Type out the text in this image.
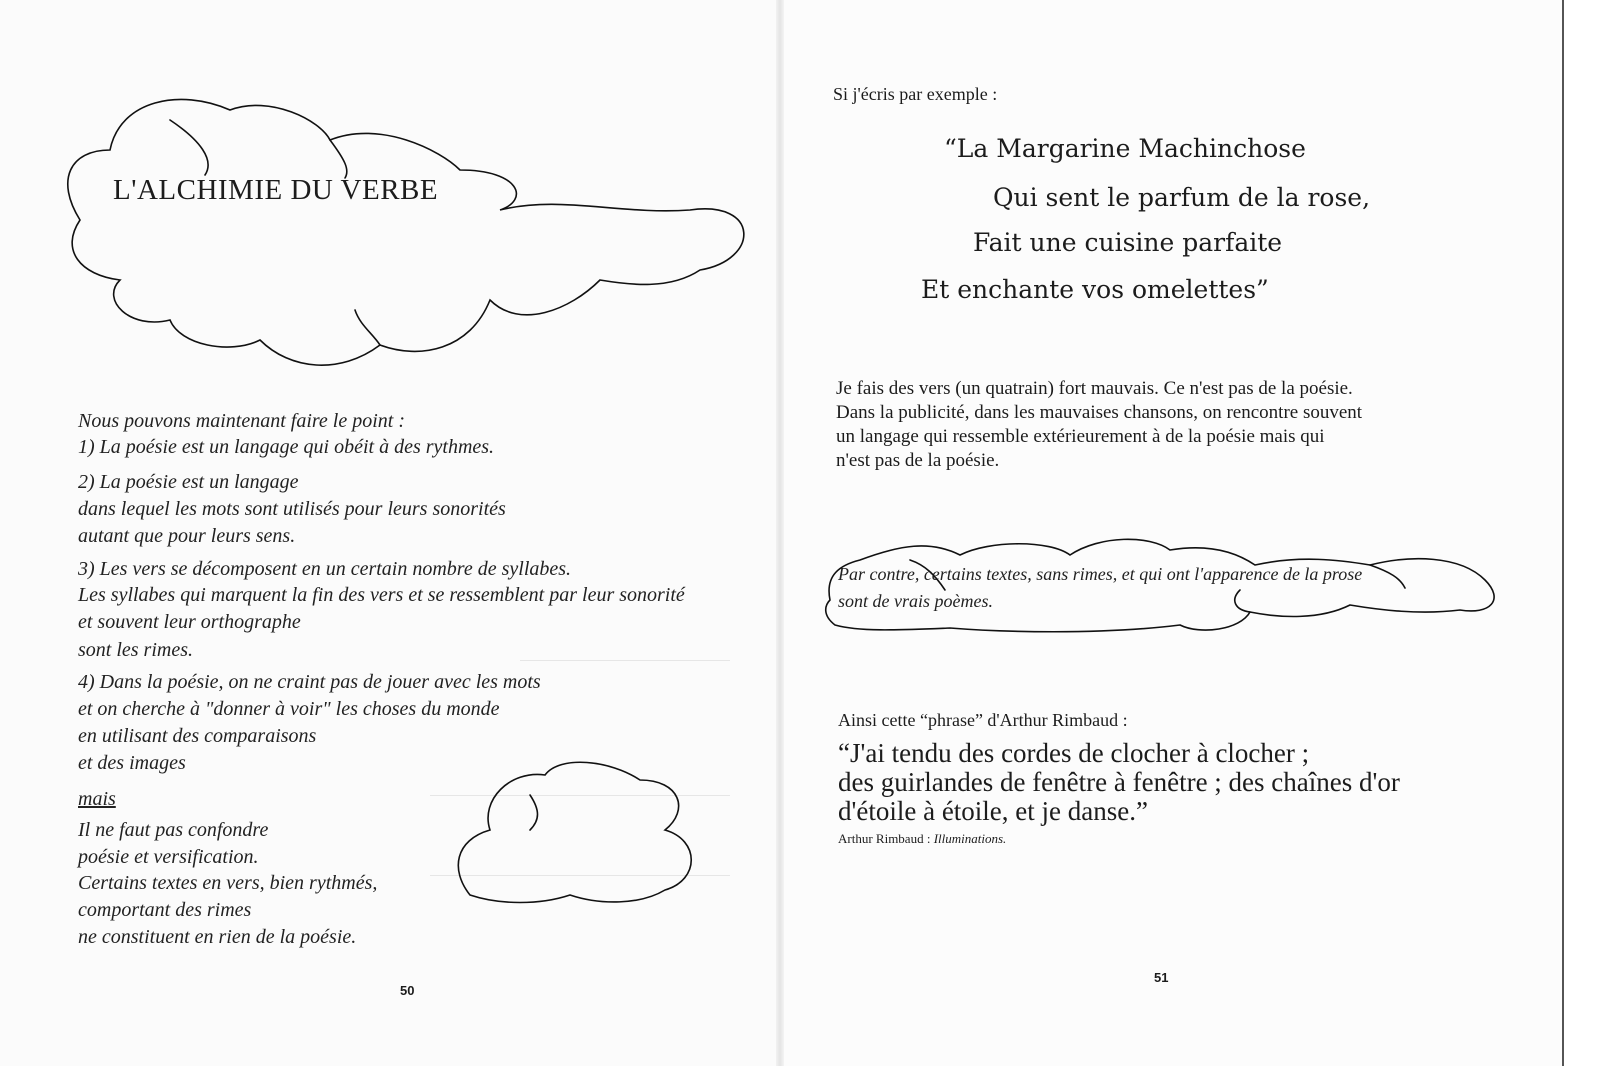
L'ALCHIMIE DU VERBE
Nous pouvons maintenant faire le point :
1) La poésie est un langage qui obéit à des rythmes.
2) La poésie est un langage
dans lequel les mots sont utilisés pour leurs sonorités
autant que pour leurs sens.
3) Les vers se décomposent en un certain nombre de syllabes.
Les syllabes qui marquent la fin des vers et se ressemblent par leur sonorité
et souvent leur orthographe
sont les rimes.
4) Dans la poésie, on ne craint pas de jouer avec les mots
et on cherche à "donner à voir" les choses du monde
en utilisant des comparaisons
et des images
mais
Il ne faut pas confondre
poésie et versification.
Certains textes en vers, bien rythmés,
comportant des rimes
ne constituent en rien de la poésie.
50
Si j'écris par exemple :
“La Margarine Machinchose
Qui sent le parfum de la rose,
Fait une cuisine parfaite
Et enchante vos omelettes”
Je fais des vers (un quatrain) fort mauvais. Ce n'est pas de la poésie.
Dans la publicité, dans les mauvaises chansons, on rencontre souvent
un langage qui ressemble extérieurement à de la poésie mais qui
n'est pas de la poésie.
Par contre, certains textes, sans rimes, et qui ont l'apparence de la prose
sont de vrais poèmes.
Ainsi cette “phrase” d'Arthur Rimbaud :
“J'ai tendu des cordes de clocher à clocher ;
des guirlandes de fenêtre à fenêtre ; des chaînes d'or
d'étoile à étoile, et je danse.”
Arthur Rimbaud : Illuminations.
51
